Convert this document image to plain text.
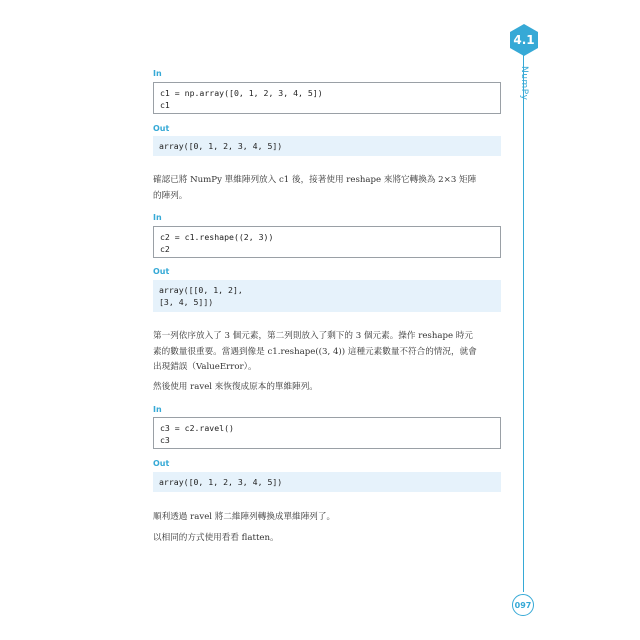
4.1
NumPy
097
In
c1 = np.array([0, 1, 2, 3, 4, 5])
c1
Out
array([0, 1, 2, 3, 4, 5])
確認已將 NumPy 單維陣列放入 c1 後，接著使用 reshape 來將它轉換為 2×3 矩陣
的陣列。
In
c2 = c1.reshape((2, 3))
c2
Out
array([[0, 1, 2],
[3, 4, 5]])
第一列依序放入了 3 個元素，第二列則放入了剩下的 3 個元素。操作 reshape 時元
素的數量很重要。當遇到像是 c1.reshape((3, 4)) 這種元素數量不符合的情況，就會
出現錯誤（ValueError）。
然後使用 ravel 來恢復成原本的單維陣列。
In
c3 = c2.ravel()
c3
Out
array([0, 1, 2, 3, 4, 5])
順利透過 ravel 將二維陣列轉換成單維陣列了。
以相同的方式使用看看 flatten。
